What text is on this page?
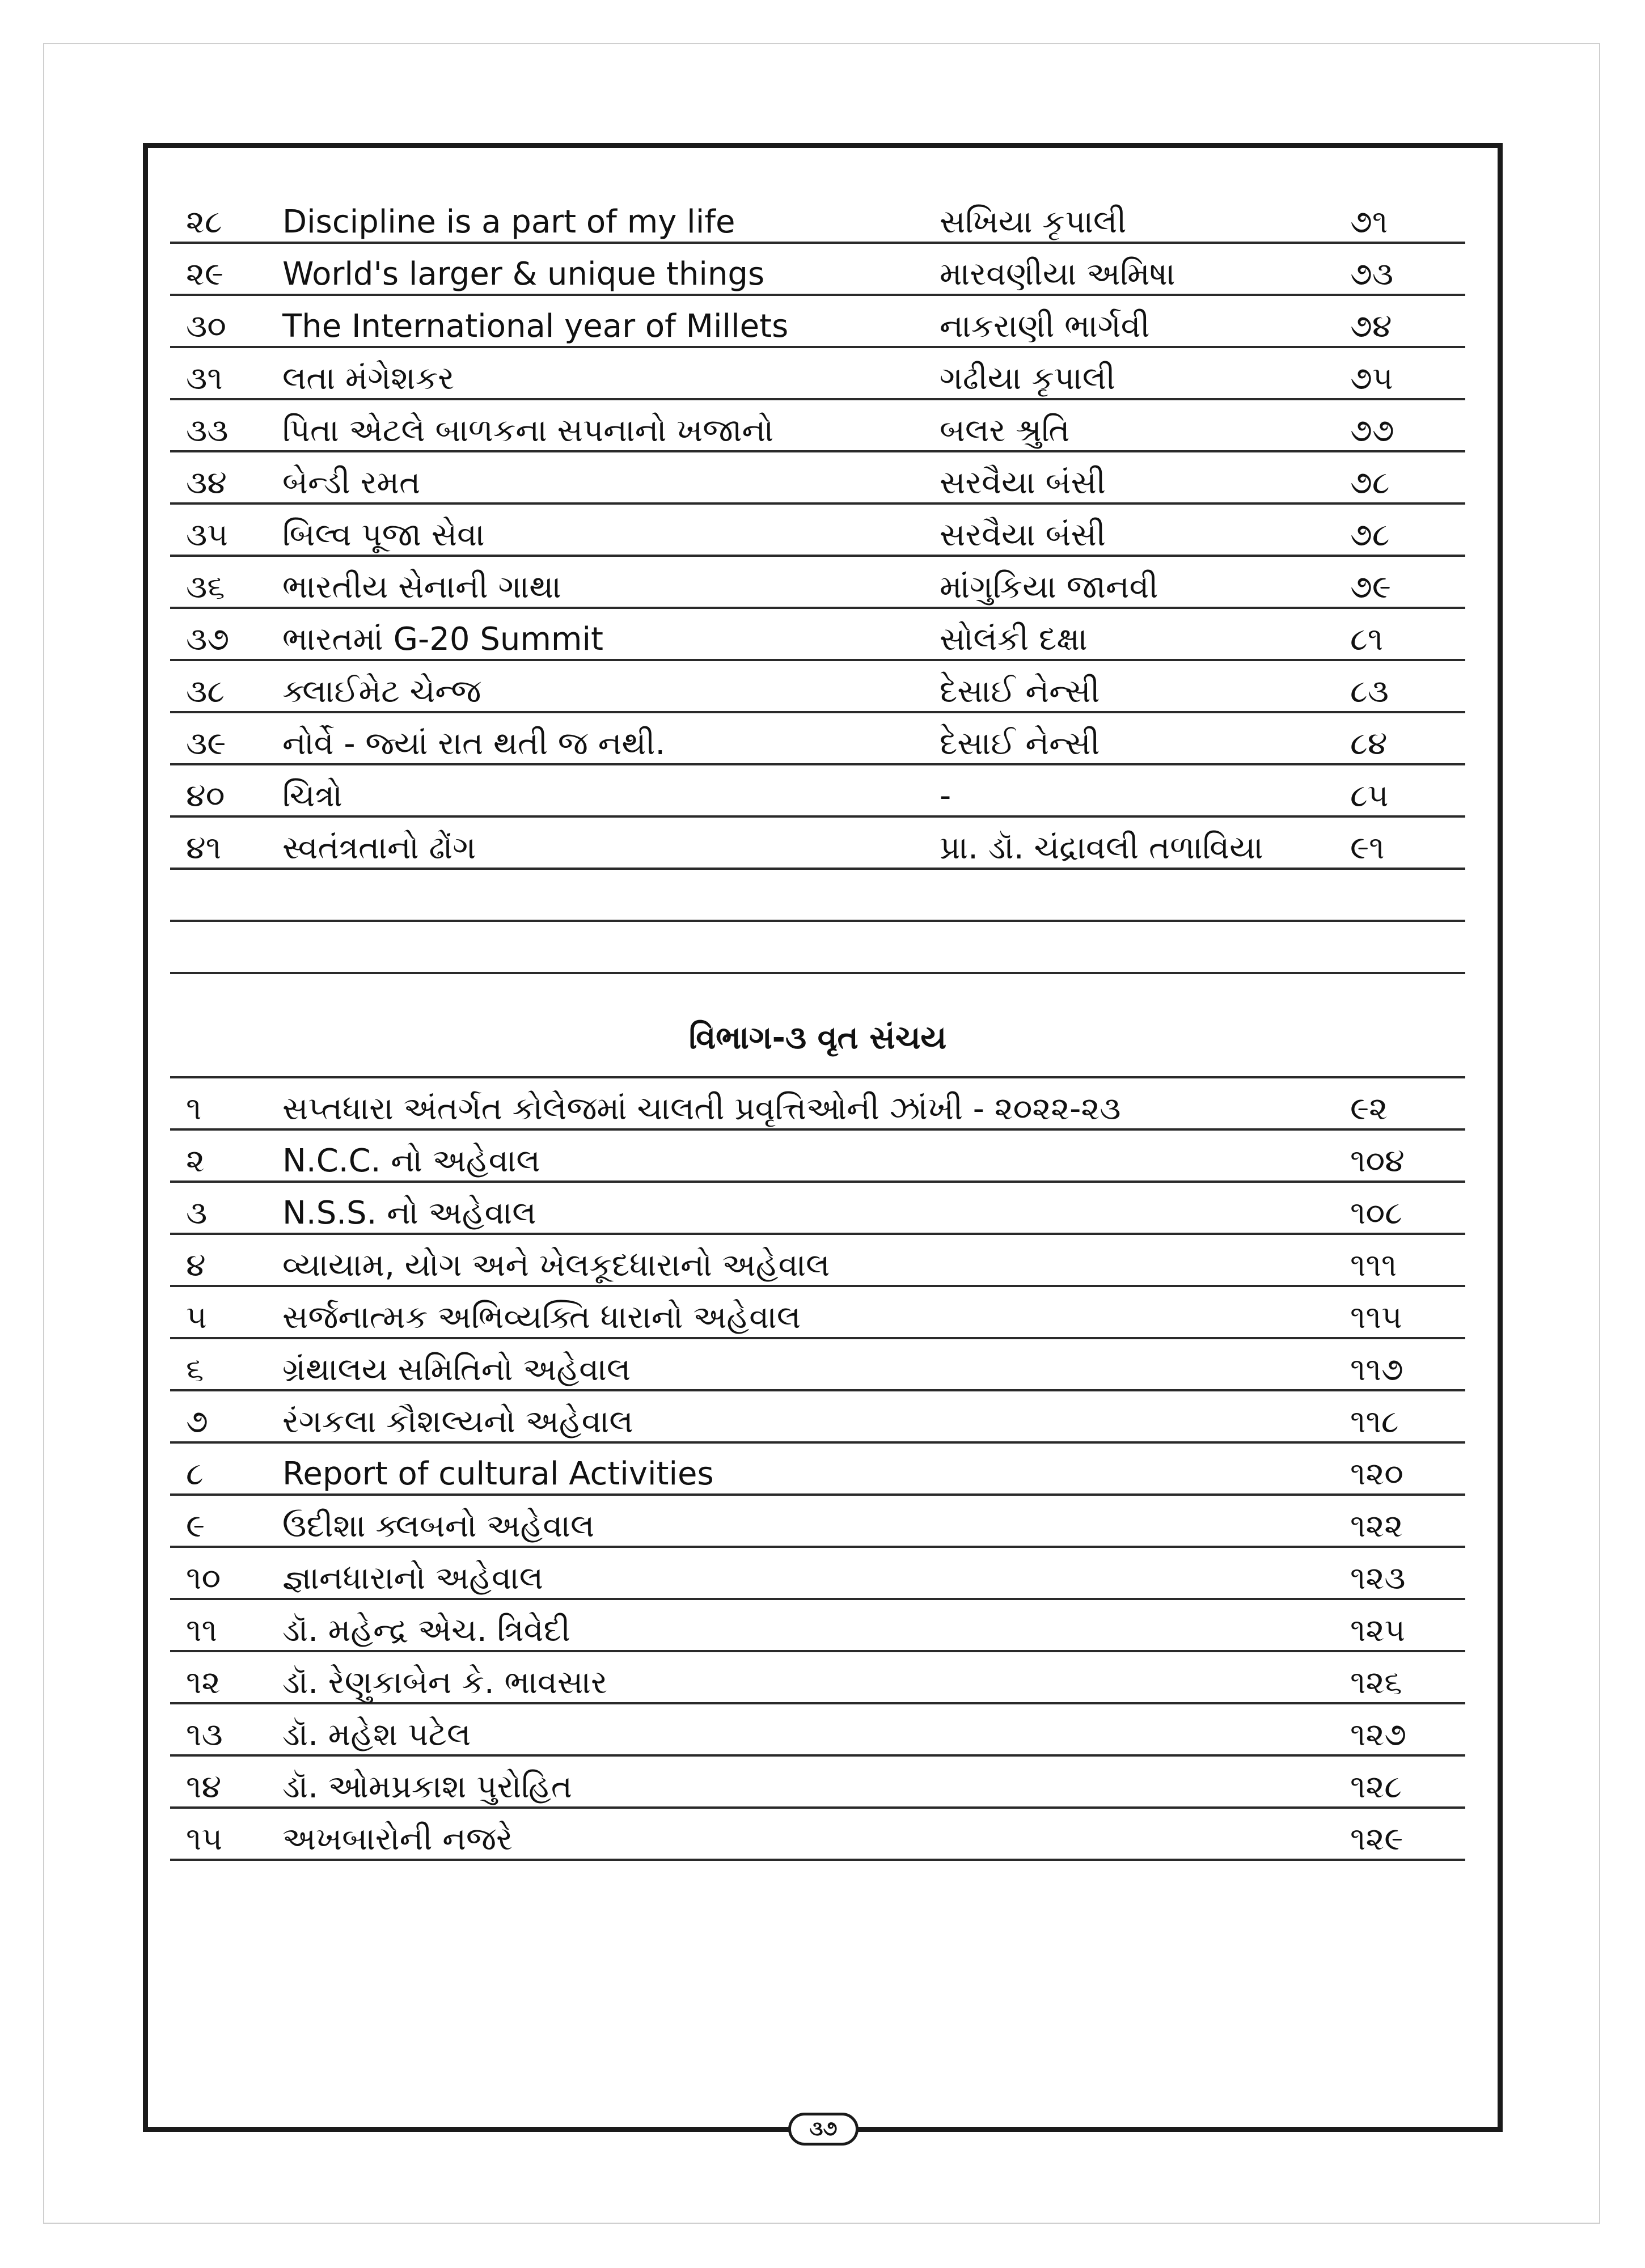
૨૮ Discipline is a part of my life	સખિયા કૃપાલી	૭૧
૨૯ World's larger & unique things	મારવણીયા અમિષા	૭૩
૩૦ The International year of Millets	નાકરાણી ભાર્ગવી	૭૪
૩૧ લતા મંગેશકર	ગઢીયા કૃપાલી	૭૫
૩૩ પિતા એટલે બાળકના સપનાનો ખજાનો	બલર શ્રુતિ	૭૭
૩૪ બેન્ડી રમત	સરવૈયા બંસી	૭૮
૩૫ બિલ્વ પૂજા સેવા	સરવૈયા બંસી	૭૮
૩૬ ભારતીય સેનાની ગાથા	માંગુકિયા જાનવી	૭૯
૩૭ ભારતમાં G-20 Summit	સોલંકી દક્ષા	૮૧
૩૮ ક્લાઈમેટ ચેન્જ	દેસાઈ નેન્સી	૮૩
૩૯ નોર્વે - જ્યાં રાત થતી જ નથી.	દેસાઈ નેન્સી	૮૪
૪૦ ચિત્રો	-	૮૫
૪૧ સ્વતંત્રતાનો ઢોંગ	પ્રા. ડૉ. ચંદ્રાવલી તળાવિયા	૯૧
વિભાગ-૩ વૃત સંચય
૧	સપ્તધારા અંતર્ગત કોલેજમાં ચાલતી પ્રવૃત્તિઓની ઝાંખી - ૨૦૨૨-૨૩	૯૨
૨ N.C.C. નો અહેવાલ	૧૦૪
૩ N.S.S. નો અહેવાલ	૧૦૮
૪ વ્યાયામ, યોગ અને ખેલકૂદધારાનો અહેવાલ	૧૧૧
૫ સર્જનાત્મક અભિવ્યક્તિ ધારાનો અહેવાલ	૧૧૫
૬ ગ્રંથાલય સમિતિનો અહેવાલ	૧૧૭
૭ રંગકલા કૌશલ્યનો અહેવાલ	૧૧૮
૮ Report of cultural Activities	૧૨૦
૯ ઉદીશા ક્લબનો અહેવાલ	૧૨૨
૧૦ જ્ઞાનધારાનો અહેવાલ	૧૨૩
૧૧ ડૉ. મહેન્દ્ર એચ. ત્રિવેદી	૧૨૫
૧૨ ડૉ. રેણુકાબેન કે. ભાવસાર	૧૨૬
૧૩ ડૉ. મહેશ પટેલ	૧૨૭
૧૪ ડૉ. ઓમપ્રકાશ પુરોહિત	૧૨૮
૧૫ અખબારોની નજરે	૧૨૯
૩૭
